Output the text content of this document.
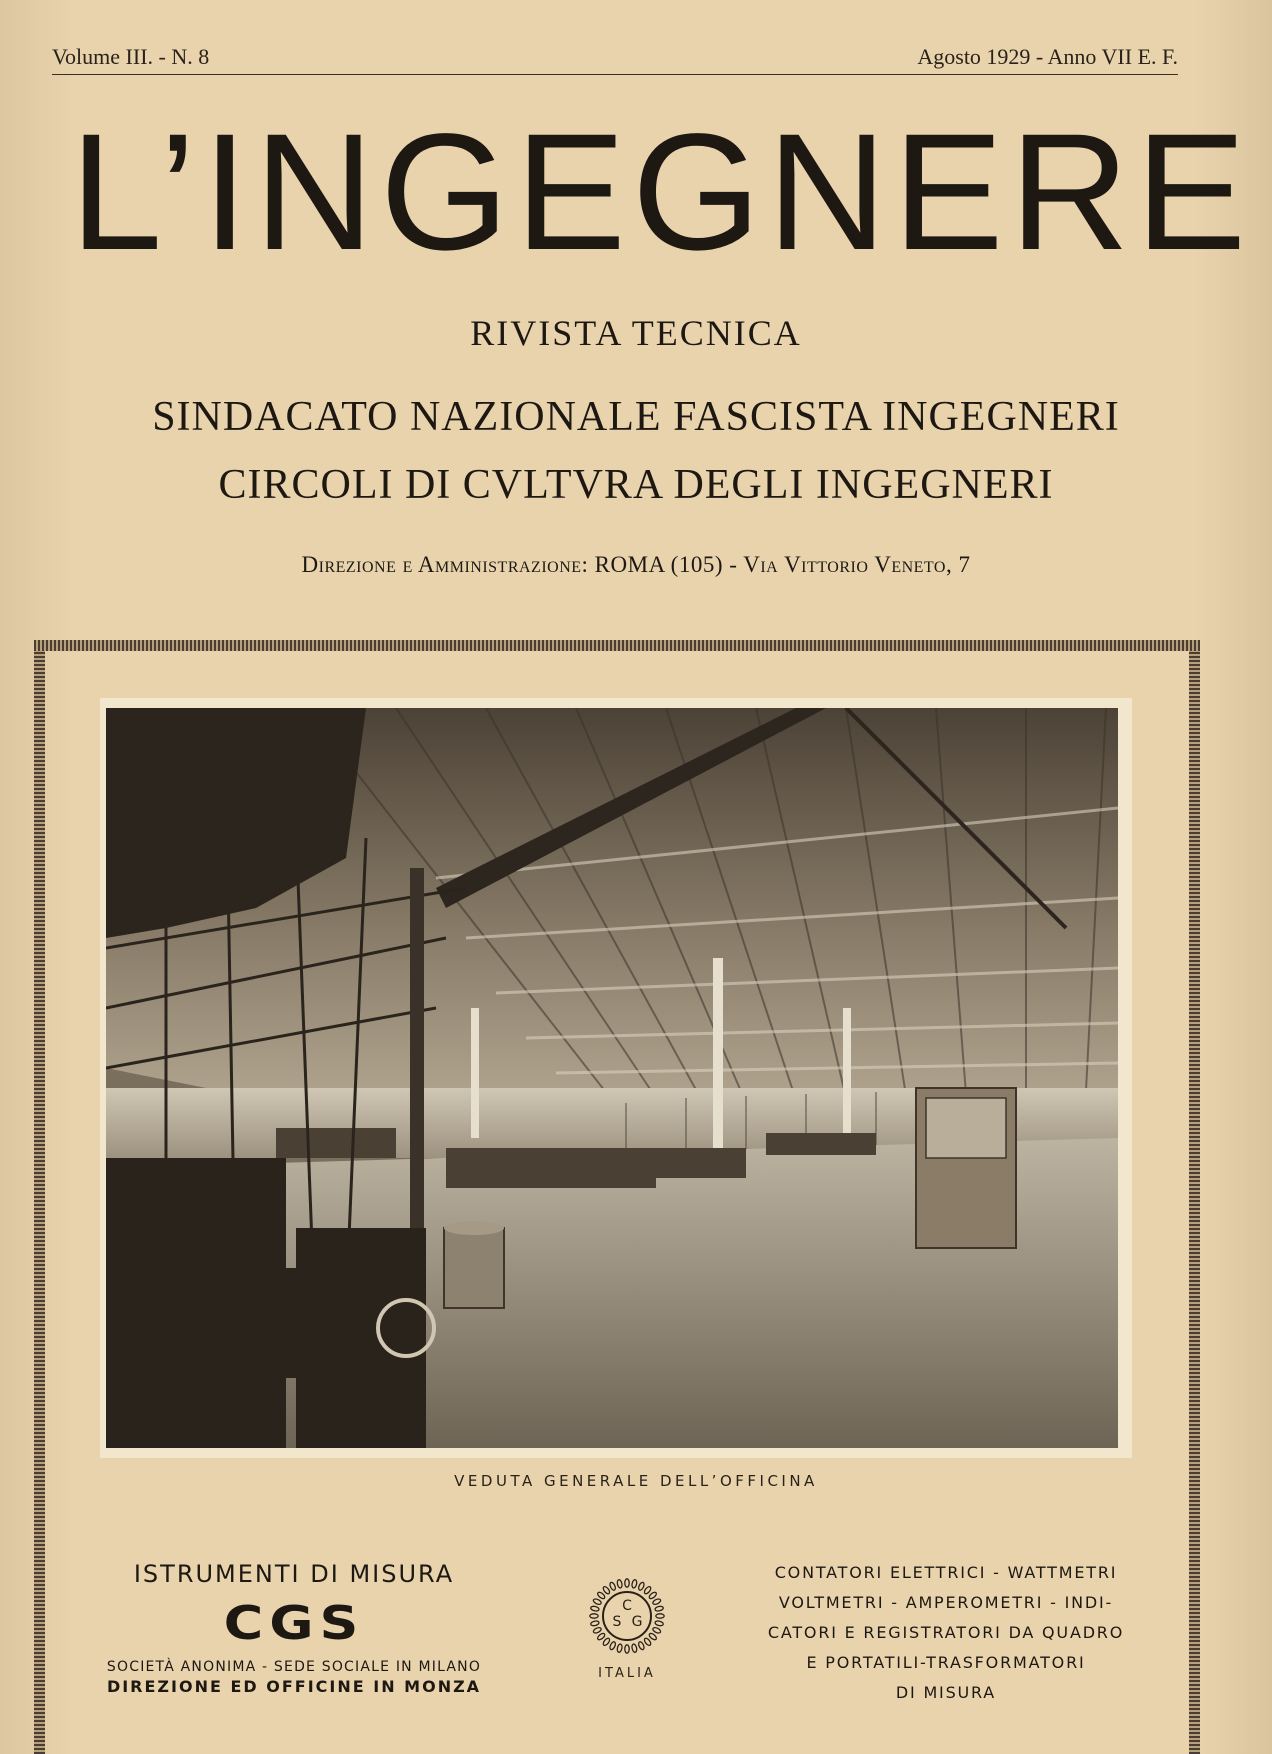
Volume III. - N. 8	Agosto 1929 - Anno VII E. F.
L’INGEGNERE
RIVISTA TECNICA
SINDACATO NAZIONALE FASCISTA INGEGNERI
CIRCOLI DI CVLTVRA DEGLI INGEGNERI
Direzione e Amministrazione: ROMA (105) - Via Vittorio Veneto, 7
VEDUTA GENERALE DELL’OFFICINA
ISTRUMENTI DI MISURA
CGS
SOCIETÀ ANONIMA - SEDE SOCIALE IN MILANO
DIREZIONE ED OFFICINE IN MONZA
C
S G
ITALIA
CONTATORI ELETTRICI - WATTMETRI
VOLTMETRI - AMPEROMETRI - INDI-
CATORI E REGISTRATORI DA QUADRO
E PORTATILI-TRASFORMATORI
DI MISURA
